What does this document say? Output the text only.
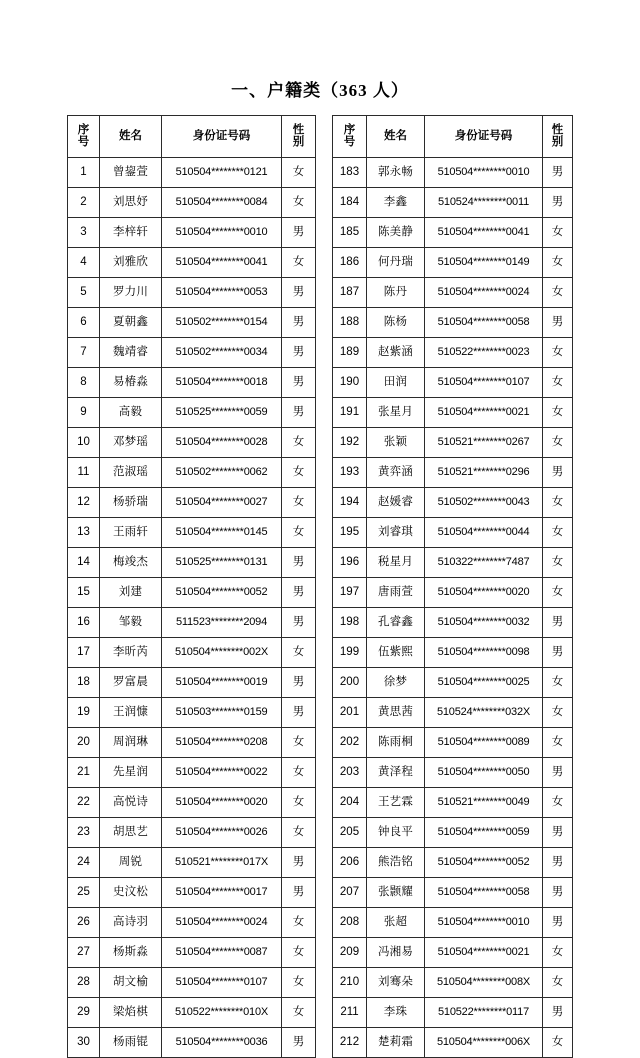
一、户籍类（363 人）
序
号	姓名	身份证号码	性
别

1	曾鋆萱	510504********0121	女
2	刘思妤	510504********0084	女
3	李梓轩	510504********0010	男
4	刘雅欣	510504********0041	女
5	罗力川	510504********0053	男
6	夏朝鑫	510502********0154	男
7	魏靖睿	510502********0034	男
8	易椿淼	510504********0018	男
9	高毅	510525********0059	男
10	邓梦瑶	510504********0028	女
11	范淑瑶	510502********0062	女
12	杨骄瑞	510504********0027	女
13	王雨轩	510504********0145	女
14	梅竣杰	510525********0131	男
15	刘建	510504********0052	男
16	邹毅	511523********2094	男
17	李昕芮	510504********002X	女
18	罗富晨	510504********0019	男
19	王润慷	510503********0159	男
20	周润琳	510504********0208	女
21	先星润	510504********0022	女
22	高悦诗	510504********0020	女
23	胡思艺	510504********0026	女
24	周锐	510521********017X	男
25	史汶松	510504********0017	男
26	高诗羽	510504********0024	女
27	杨斯淼	510504********0087	女
28	胡文榆	510504********0107	女
29	梁焰棋	510522********010X	女
30	杨雨锟	510504********0036	男
序
号	姓名	身份证号码	性
别

183	郭永畅	510504********0010	男
184	李鑫	510524********0011	男
185	陈美静	510504********0041	女
186	何丹瑞	510504********0149	女
187	陈丹	510504********0024	女
188	陈杨	510504********0058	男
189	赵紫涵	510522********0023	女
190	田润	510504********0107	女
191	张星月	510504********0021	女
192	张颖	510521********0267	女
193	黄弈涵	510521********0296	男
194	赵媛睿	510502********0043	女
195	刘睿琪	510504********0044	女
196	税星月	510322********7487	女
197	唐雨萱	510504********0020	女
198	孔睿鑫	510504********0032	男
199	伍紫熙	510504********0098	男
200	徐梦	510504********0025	女
201	黄思茜	510524********032X	女
202	陈雨桐	510504********0089	女
203	黄泽程	510504********0050	男
204	王艺霖	510521********0049	女
205	钟良平	510504********0059	男
206	熊浩铭	510504********0052	男
207	张颢耀	510504********0058	男
208	张超	510504********0010	男
209	冯湘易	510504********0021	女
210	刘骞朵	510504********008X	女
211	李珠	510522********0117	男
212	楚莉霜	510504********006X	女
